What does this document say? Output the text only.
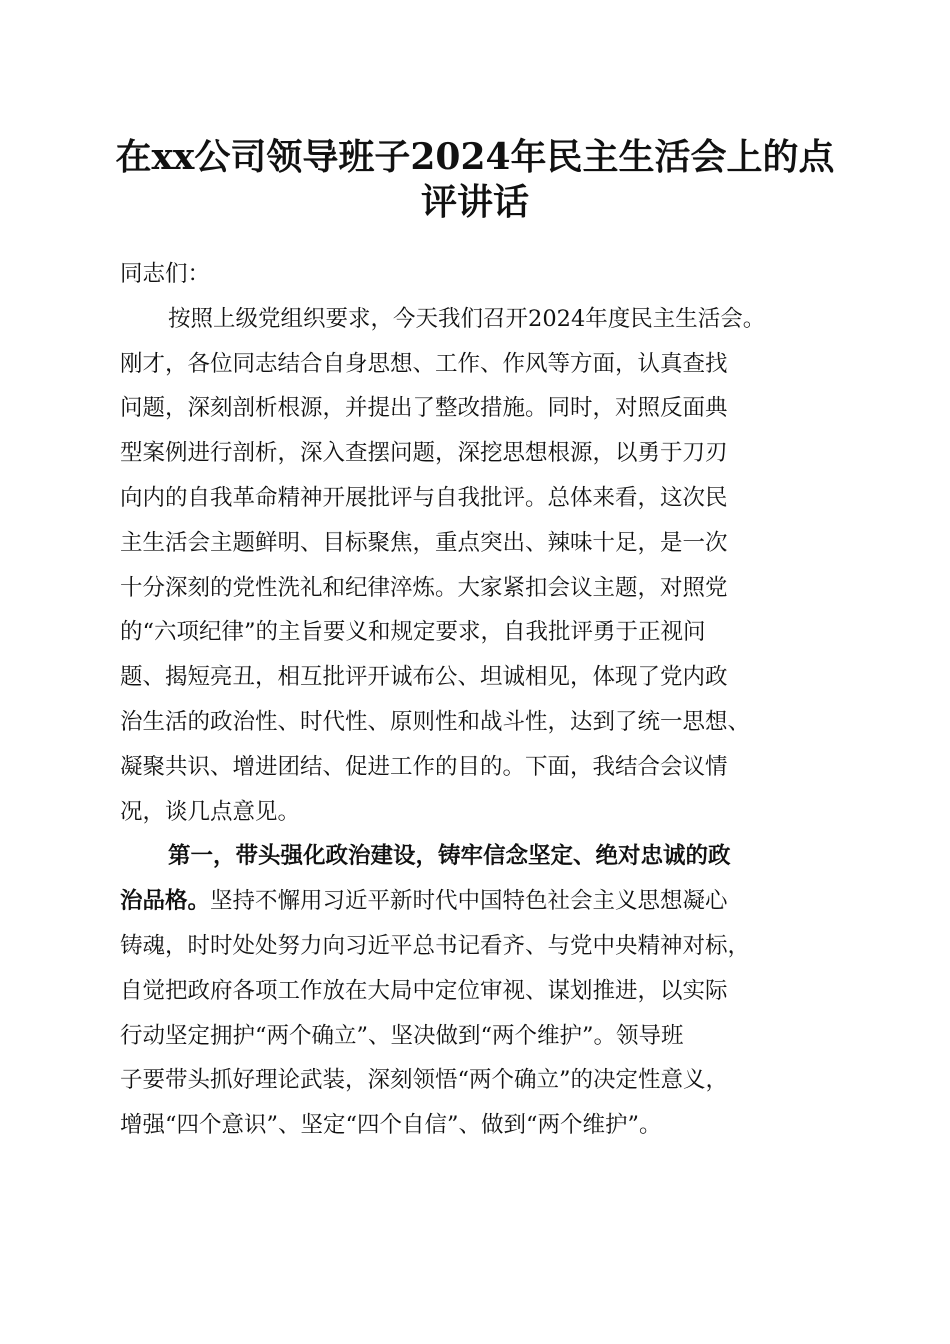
在xx公司领导班子2024年民主生活会上的点
评讲话
同志们：
按照上级党组织要求，今天我们召开2024年度民主生活会。
刚才，各位同志结合自身思想、工作、作风等方面，认真查找
问题，深刻剖析根源，并提出了整改措施。同时，对照反面典
型案例进行剖析，深入查摆问题，深挖思想根源，以勇于刀刃
向内的自我革命精神开展批评与自我批评。总体来看，这次民
主生活会主题鲜明、目标聚焦，重点突出、辣味十足，是一次
十分深刻的党性洗礼和纪律淬炼。大家紧扣会议主题，对照党
的“六项纪律”的主旨要义和规定要求，自我批评勇于正视问
题、揭短亮丑，相互批评开诚布公、坦诚相见，体现了党内政
治生活的政治性、时代性、原则性和战斗性，达到了统一思想、
凝聚共识、增进团结、促进工作的目的。下面，我结合会议情
况，谈几点意见。
第一，带头强化政治建设，铸牢信念坚定、绝对忠诚的政
治品格。坚持不懈用习近平新时代中国特色社会主义思想凝心
铸魂，时时处处努力向习近平总书记看齐、与党中央精神对标，
自觉把政府各项工作放在大局中定位审视、谋划推进，以实际
行动坚定拥护“两个确立”、坚决做到“两个维护”。领导班
子要带头抓好理论武装，深刻领悟“两个确立”的决定性意义，
增强“四个意识”、坚定“四个自信”、做到“两个维护”。
